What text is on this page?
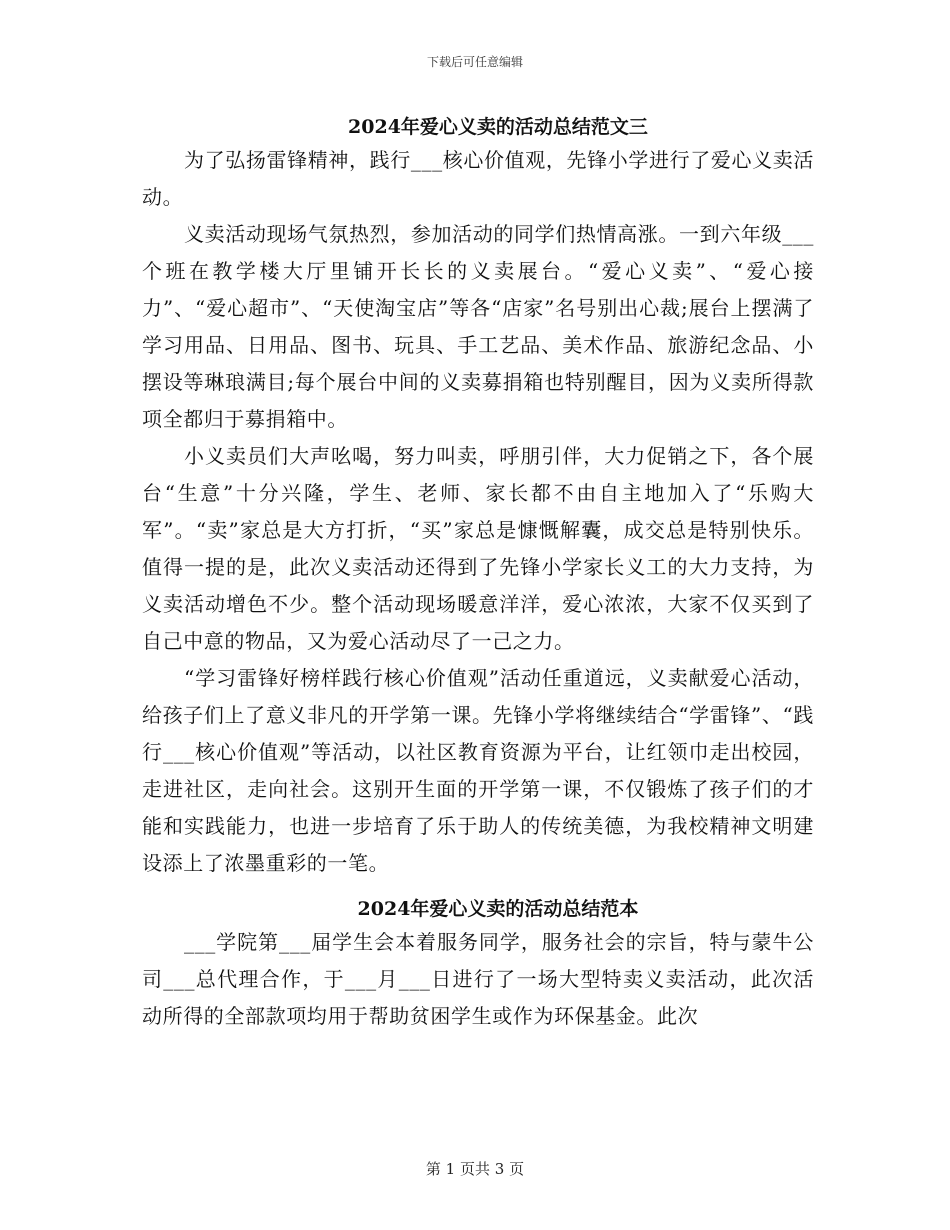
下载后可任意编辑
2024年爱心义卖的活动总结范文三

为了弘扬雷锋精神，践行___核心价值观，先锋小学进行了爱心义卖活动。

义卖活动现场气氛热烈，参加活动的同学们热情高涨。一到六年级___个班在教学楼大厅里铺开长长的义卖展台。“爱心义卖”、“爱心接力”、“爱心超市”、“天使淘宝店”等各“店家”名号别出心裁;展台上摆满了学习用品、日用品、图书、玩具、手工艺品、美术作品、旅游纪念品、小摆设等琳琅满目;每个展台中间的义卖募捐箱也特别醒目，因为义卖所得款项全都归于募捐箱中。

小义卖员们大声吆喝，努力叫卖，呼朋引伴，大力促销之下，各个展台“生意”十分兴隆，学生、老师、家长都不由自主地加入了“乐购大军”。“卖”家总是大方打折，“买”家总是慷慨解囊，成交总是特别快乐。值得一提的是，此次义卖活动还得到了先锋小学家长义工的大力支持，为义卖活动增色不少。整个活动现场暖意洋洋，爱心浓浓，大家不仅买到了自己中意的物品，又为爱心活动尽了一己之力。

“学习雷锋好榜样践行核心价值观”活动任重道远，义卖献爱心活动，给孩子们上了意义非凡的开学第一课。先锋小学将继续结合“学雷锋”、“践行___核心价值观”等活动，以社区教育资源为平台，让红领巾走出校园，走进社区，走向社会。这别开生面的开学第一课，不仅锻炼了孩子们的才能和实践能力，也进一步培育了乐于助人的传统美德，为我校精神文明建设添上了浓墨重彩的一笔。

2024年爱心义卖的活动总结范本

___学院第___届学生会本着服务同学，服务社会的宗旨，特与蒙牛公司___总代理合作，于___月___日进行了一场大型特卖义卖活动，此次活动所得的全部款项均用于帮助贫困学生或作为环保基金。此次

第 1 页共 3 页
